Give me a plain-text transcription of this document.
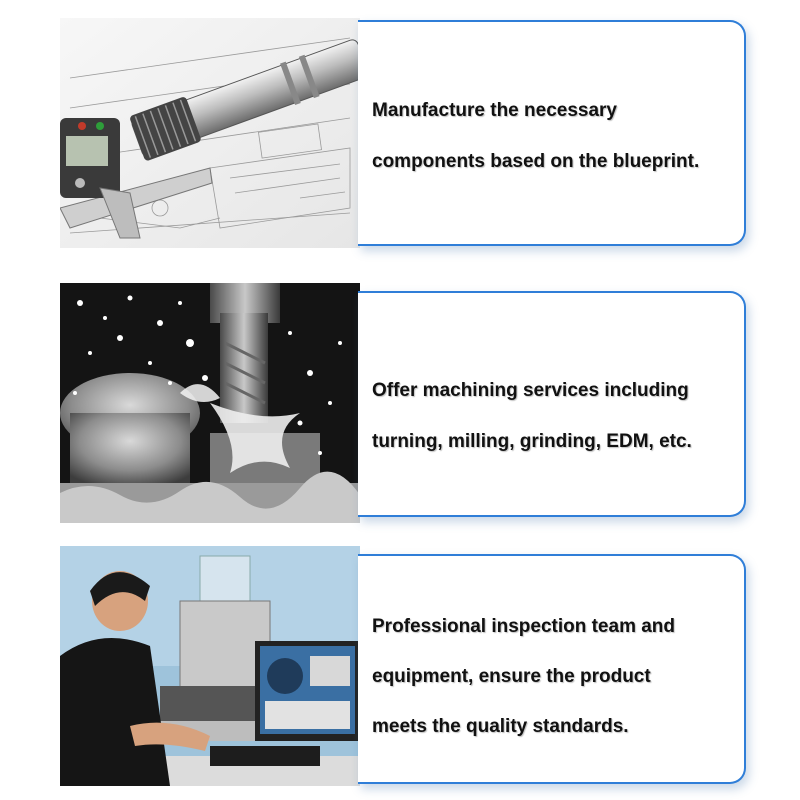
Manufacture the necessary
components based on the blueprint.
Offer machining services including
turning, milling, grinding, EDM, etc.
Professional inspection team and
equipment, ensure the product
meets the quality standards.
